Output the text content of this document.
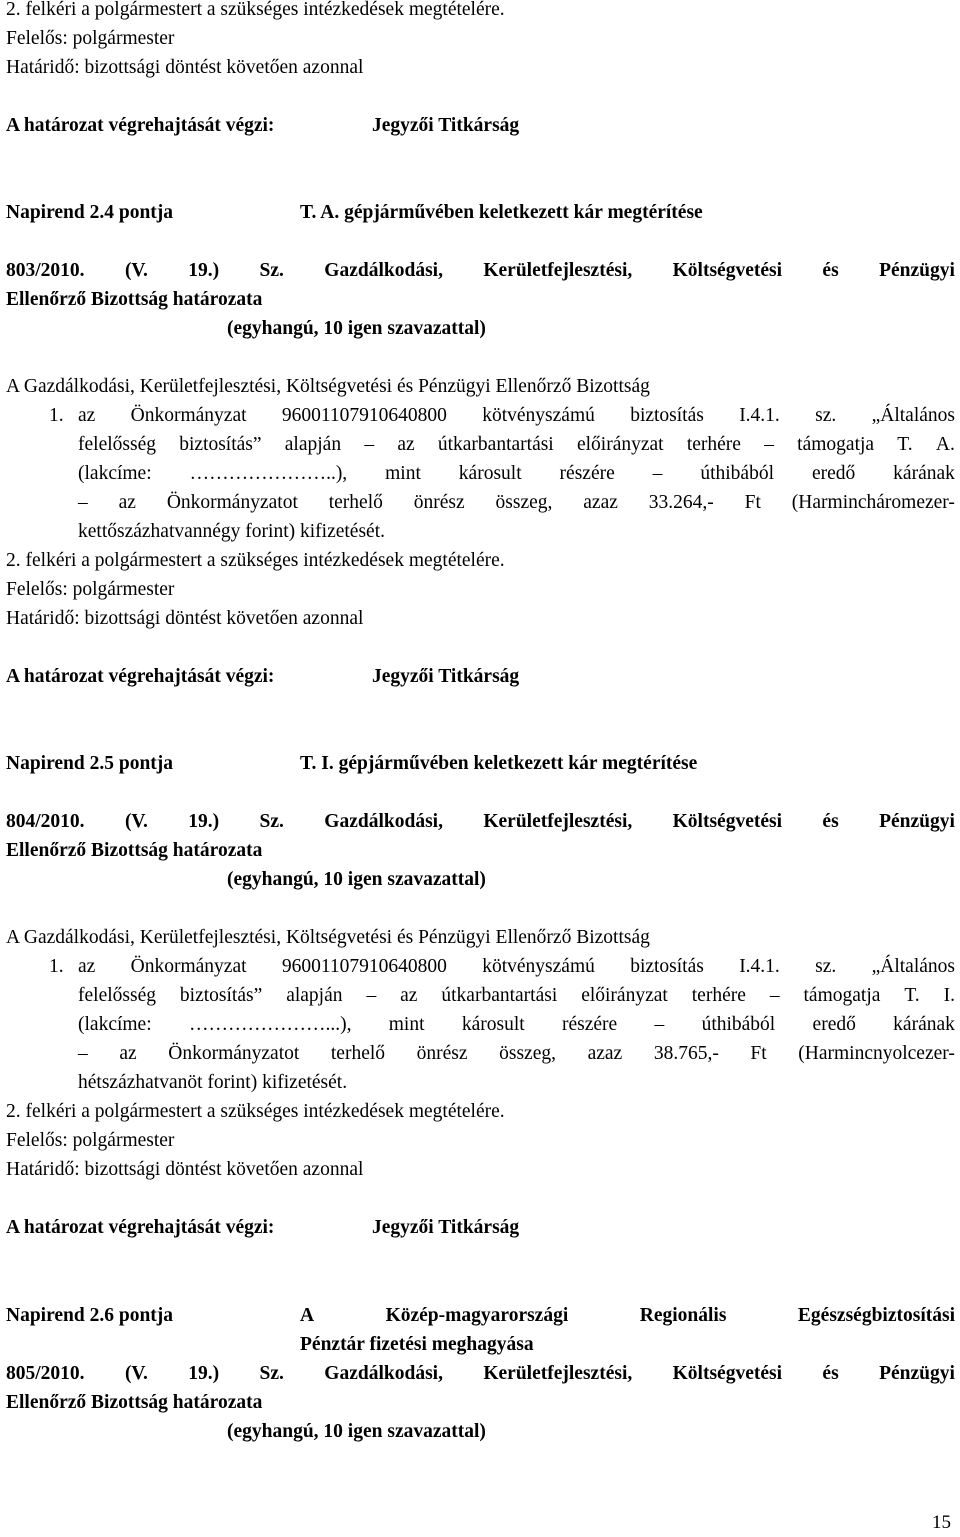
2. felkéri a polgármestert a szükséges intézkedések megtételére.
Felelős: polgármester
Határidő: bizottsági döntést követően azonnal
A határozat végrehajtását végzi:	Jegyzői Titkárság
Napirend 2.4 pontja	T. A. gépjárművében keletkezett kár megtérítése
803/2010. (V. 19.) Sz. Gazdálkodási, Kerületfejlesztési, Költségvetési és Pénzügyi
Ellenőrző Bizottság határozata
(egyhangú, 10 igen szavazattal)
A Gazdálkodási, Kerületfejlesztési, Költségvetési és Pénzügyi Ellenőrző Bizottság
1. az Önkormányzat 96001107910640800 kötvényszámú biztosítás I.4.1. sz. „Általános
felelősség biztosítás” alapján – az útkarbantartási előirányzat terhére – támogatja T. A.
(lakcíme: …………………..), mint károsult részére – úthibából eredő kárának
– az Önkormányzatot terhelő önrész összeg, azaz 33.264,- Ft (Harmincháromezer-
kettőszázhatvannégy forint) kifizetését.
2. felkéri a polgármestert a szükséges intézkedések megtételére.
Felelős: polgármester
Határidő: bizottsági döntést követően azonnal
A határozat végrehajtását végzi:	Jegyzői Titkárság
Napirend 2.5 pontja	T. I. gépjárművében keletkezett kár megtérítése
804/2010. (V. 19.) Sz. Gazdálkodási, Kerületfejlesztési, Költségvetési és Pénzügyi
Ellenőrző Bizottság határozata
(egyhangú, 10 igen szavazattal)
A Gazdálkodási, Kerületfejlesztési, Költségvetési és Pénzügyi Ellenőrző Bizottság
1. az Önkormányzat 96001107910640800 kötvényszámú biztosítás I.4.1. sz. „Általános
felelősség biztosítás” alapján – az útkarbantartási előirányzat terhére – támogatja T. I.
(lakcíme: …………………...), mint károsult részére – úthibából eredő kárának
– az Önkormányzatot terhelő önrész összeg, azaz 38.765,- Ft (Harmincnyolcezer-
hétszázhatvanöt forint) kifizetését.
2. felkéri a polgármestert a szükséges intézkedések megtételére.
Felelős: polgármester
Határidő: bizottsági döntést követően azonnal
A határozat végrehajtását végzi:	Jegyzői Titkárság
Napirend 2.6 pontja	A	Közép-magyarországi	Regionális	Egészségbiztosítási
Pénztár fizetési meghagyása
805/2010. (V. 19.) Sz. Gazdálkodási, Kerületfejlesztési, Költségvetési és Pénzügyi
Ellenőrző Bizottság határozata
(egyhangú, 10 igen szavazattal)
15
